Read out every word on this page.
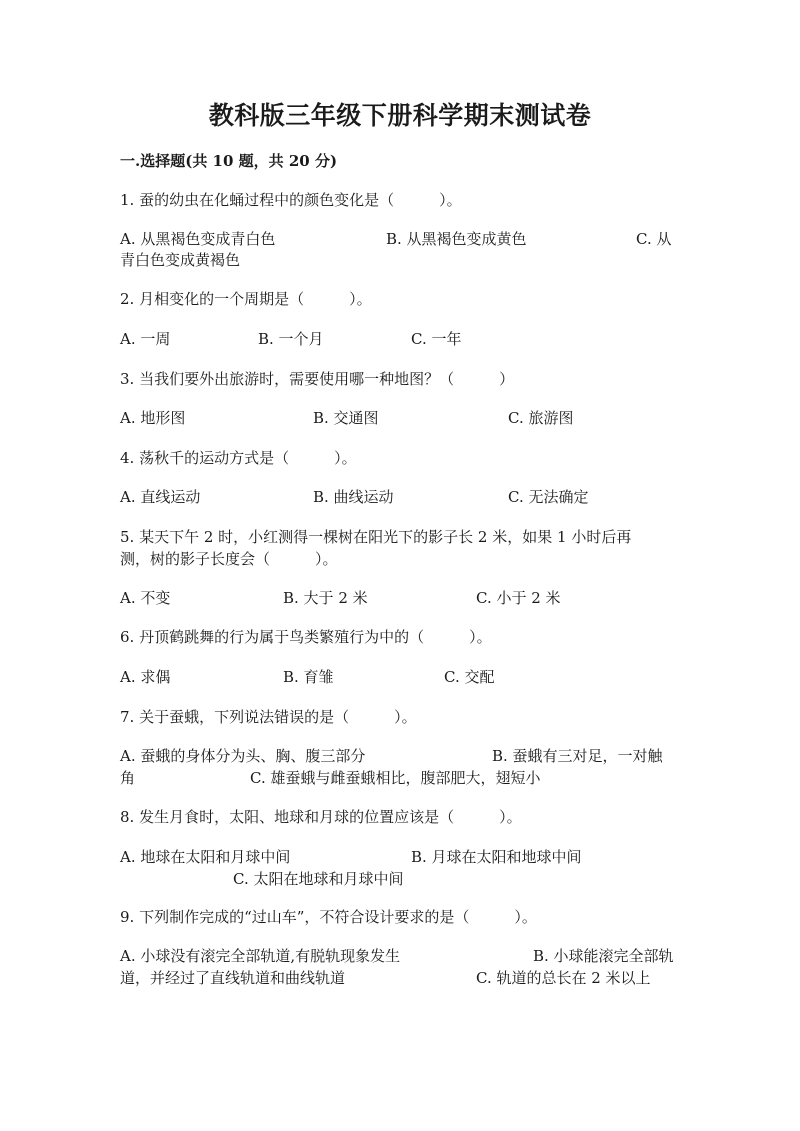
教科版三年级下册科学期末测试卷
一.选择题(共 10 题，共 20 分)
1. 蚕的幼虫在化蛹过程中的颜色变化是（　　　）。
A. 从黑褐色变成青白色	B. 从黑褐色变成黄色	C. 从
青白色变成黄褐色
2. 月相变化的一个周期是（　　　）。
A. 一周	B. 一个月	C. 一年
3. 当我们要外出旅游时，需要使用哪一种地图？（　　　）
A. 地形图	B. 交通图	C. 旅游图
4. 荡秋千的运动方式是（　　　）。
A. 直线运动	B. 曲线运动	C. 无法确定
5. 某天下午 2 时，小红测得一棵树在阳光下的影子长 2 米，如果 1 小时后再
测，树的影子长度会（　　　）。
A. 不变	B. 大于 2 米	C. 小于 2 米
6. 丹顶鹤跳舞的行为属于鸟类繁殖行为中的（　　　）。
A. 求偶	B. 育雏	C. 交配
7. 关于蚕蛾，下列说法错误的是（　　　）。
A. 蚕蛾的身体分为头、胸、腹三部分	B. 蚕蛾有三对足，一对触
角	C. 雄蚕蛾与雌蚕蛾相比，腹部肥大，翅短小
8. 发生月食时，太阳、地球和月球的位置应该是（　　　）。
A. 地球在太阳和月球中间	B. 月球在太阳和地球中间
C. 太阳在地球和月球中间
9. 下列制作完成的“过山车”，不符合设计要求的是（　　　）。
A. 小球没有滚完全部轨道,有脱轨现象发生	B. 小球能滚完全部轨
道，并经过了直线轨道和曲线轨道	C. 轨道的总长在 2 米以上
